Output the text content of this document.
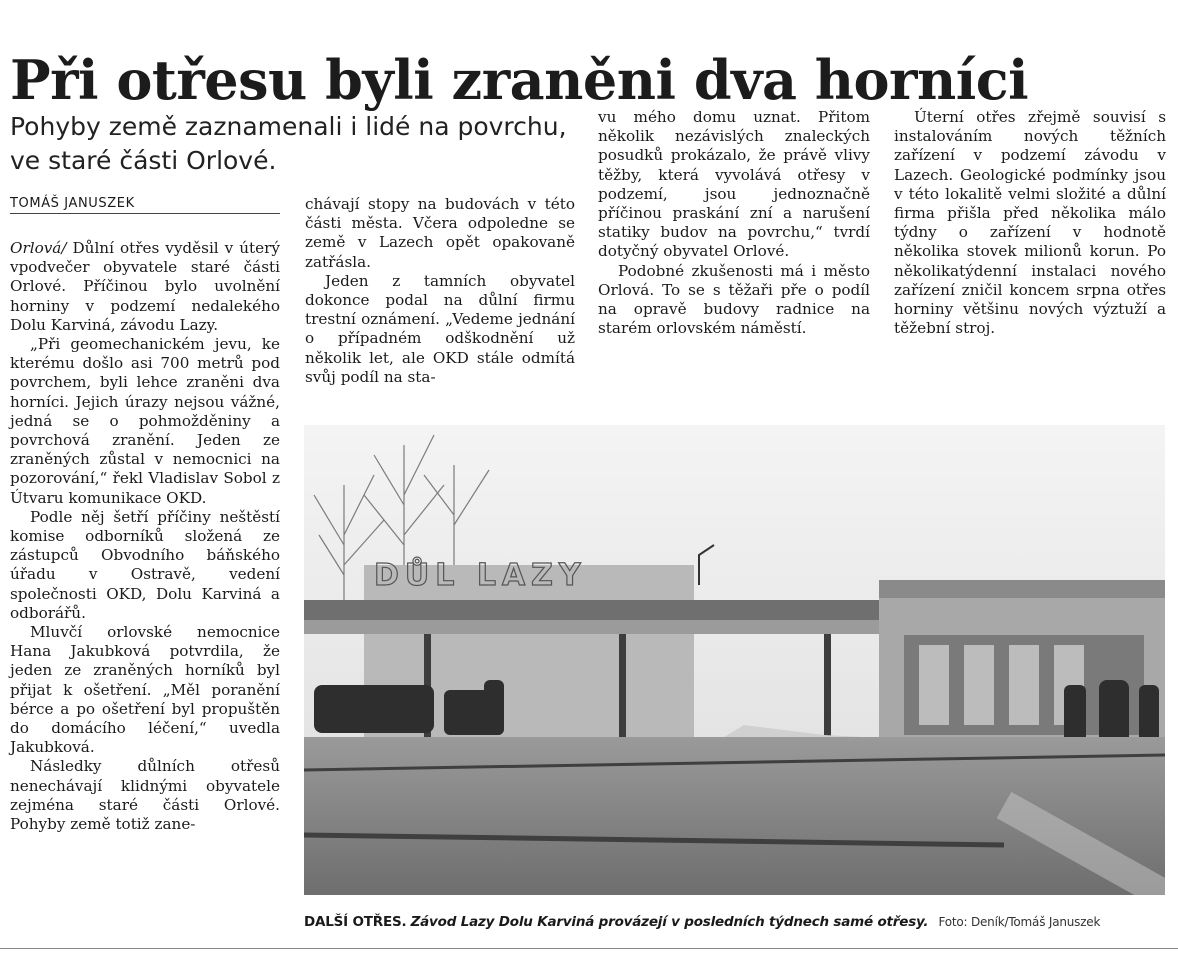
Při otřesu byli zraněni dva horníci
Pohyby země zaznamenali i lidé na povrchu, ve staré části Orlové.
TOMÁŠ JANUSZEK

Orlová/ Důlní otřes vyděsil v úterý vpodvečer obyvatele staré části Orlové. Příčinou bylo uvolnění horniny v podzemí nedalekého Dolu Karviná, závodu Lazy.

„Při geomechanickém jevu, ke kterému došlo asi 700 metrů pod povrchem, byli lehce zraněni dva horníci. Jejich úrazy nejsou vážné, jedná se o pohmožděniny a povrchová zranění. Jeden ze zraněných zůstal v nemocnici na pozorování,“ řekl Vladislav Sobol z Útvaru komunikace OKD.

Podle něj šetří příčiny neštěstí komise odborníků složená ze zástupců Obvodního báňského úřadu v Ostravě, vedení společnosti OKD, Dolu Karviná a odborářů.

Mluvčí orlovské nemocnice Hana Jakubková potvrdila, že jeden ze zraněných horníků byl přijat k ošetření. „Měl poranění bérce a po ošetření byl propuštěn do domácího léčení,“ uvedla Jakubková.

Následky důlních otřesů nenechávají klidnými obyvatele zejména staré části Orlové. Pohyby země totiž zane-

chávají stopy na budovách v této části města. Včera odpoledne se země v Lazech opět opakovaně zatřásla.

Jeden z tamních obyvatel dokonce podal na důlní firmu trestní oznámení. „Vedeme jednání o případném odškodnění už několik let, ale OKD stále odmítá svůj podíl na sta-

vu mého domu uznat. Přitom několik nezávislých znaleckých posudků prokázalo, že právě vlivy těžby, která vyvolává otřesy v podzemí, jsou jednoznačně příčinou praskání zní a narušení statiky budov na povrchu,“ tvrdí dotyčný obyvatel Orlové.

Podobné zkušenosti má i město Orlová. To se s těžaři pře o podíl na opravě budovy radnice na starém orlovském náměstí.

Úterní otřes zřejmě souvisí s instalováním nových těžních zařízení v podzemí závodu v Lazech. Geologické podmínky jsou v této lokalitě velmi složité a důlní firma přišla před několika málo týdny o zařízení v hodnotě několika stovek milionů korun. Po několikatýdenní instalaci nového zařízení zničil koncem srpna otřes horniny většinu nových výztuží a těžební stroj.

DŮL LAZY
DALŠÍ OTŘES. Závod Lazy Dolu Karviná provázejí v posledních týdnech samé otřesy. Foto: Deník/Tomáš Januszek
